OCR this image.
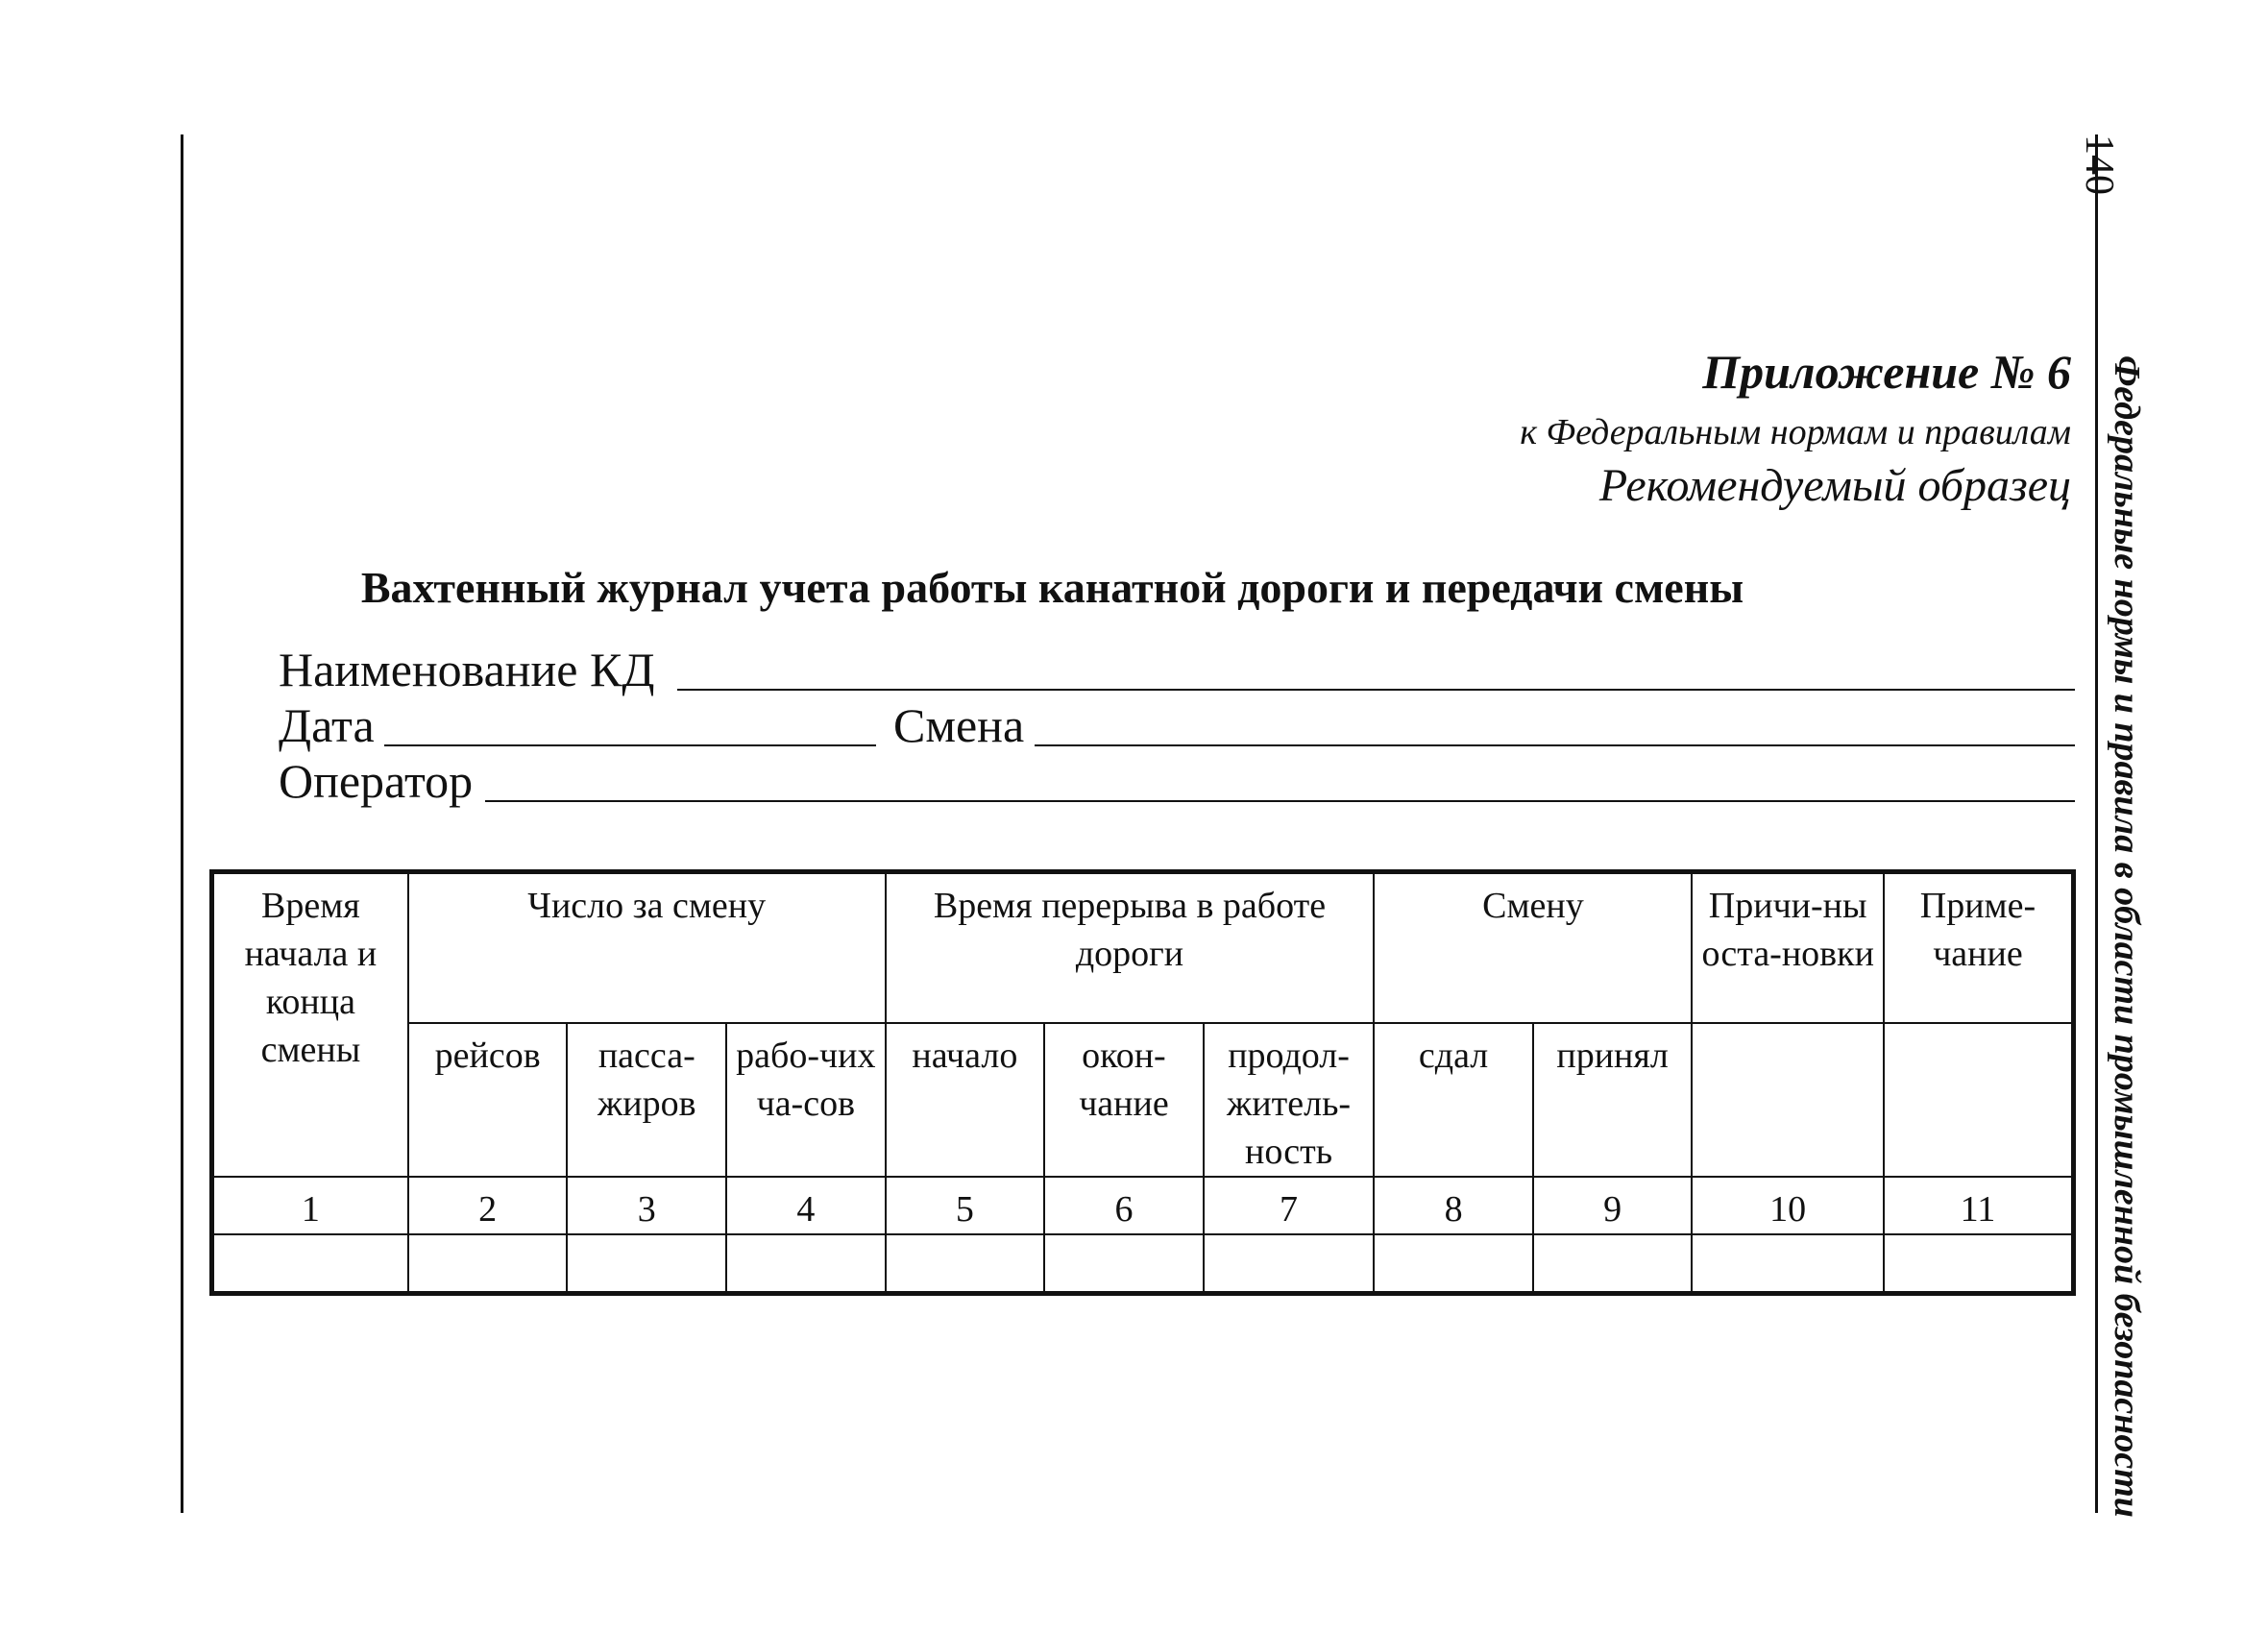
140
Федеральные нормы и правила в области промышленной безопасности
Приложение № 6
к Федеральным нормам и правилам
Рекомендуемый образец
Вахтенный журнал учета работы канатной дороги и передачи смены
Наименование КД
Дата	Смена
Оператор
Время начала и конца смены	Число за смену			Время перерыва в работе дороги			Смену		Причи-ны оста-новки	Приме-чание
	рейсов	пасса-жиров	рабо-чих ча-сов	начало	окон-чание	продол-житель-ность	сдал	принял		
1	2	3	4	5	6	7	8	9	10	11
